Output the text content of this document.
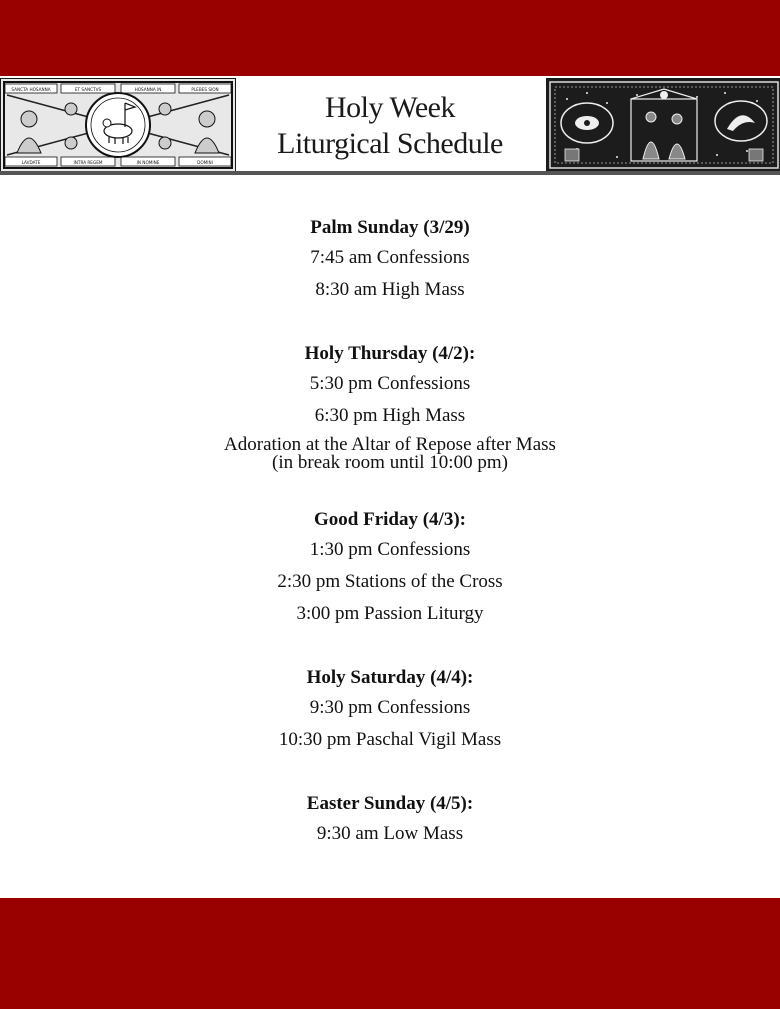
SANCTA HOSANNA	ET SANCTVS	HOSANNA IN	PLEBES SION
LAVDATE	INTRA REGEM	IN NOMINE	DOMINI
Holy Week
Liturgical Schedule
Palm Sunday (3/29)

7:45 am Confessions

8:30 am High Mass

Holy Thursday (4/2):

5:30 pm Confessions

6:30 pm High Mass

Adoration at the Altar of Repose after Mass

(in break room until 10:00 pm)

Good Friday (4/3):

1:30 pm Confessions

2:30 pm Stations of the Cross

3:00 pm Passion Liturgy

Holy Saturday (4/4):

9:30 pm Confessions

10:30 pm Paschal Vigil Mass

Easter Sunday (4/5):

9:30 am Low Mass
